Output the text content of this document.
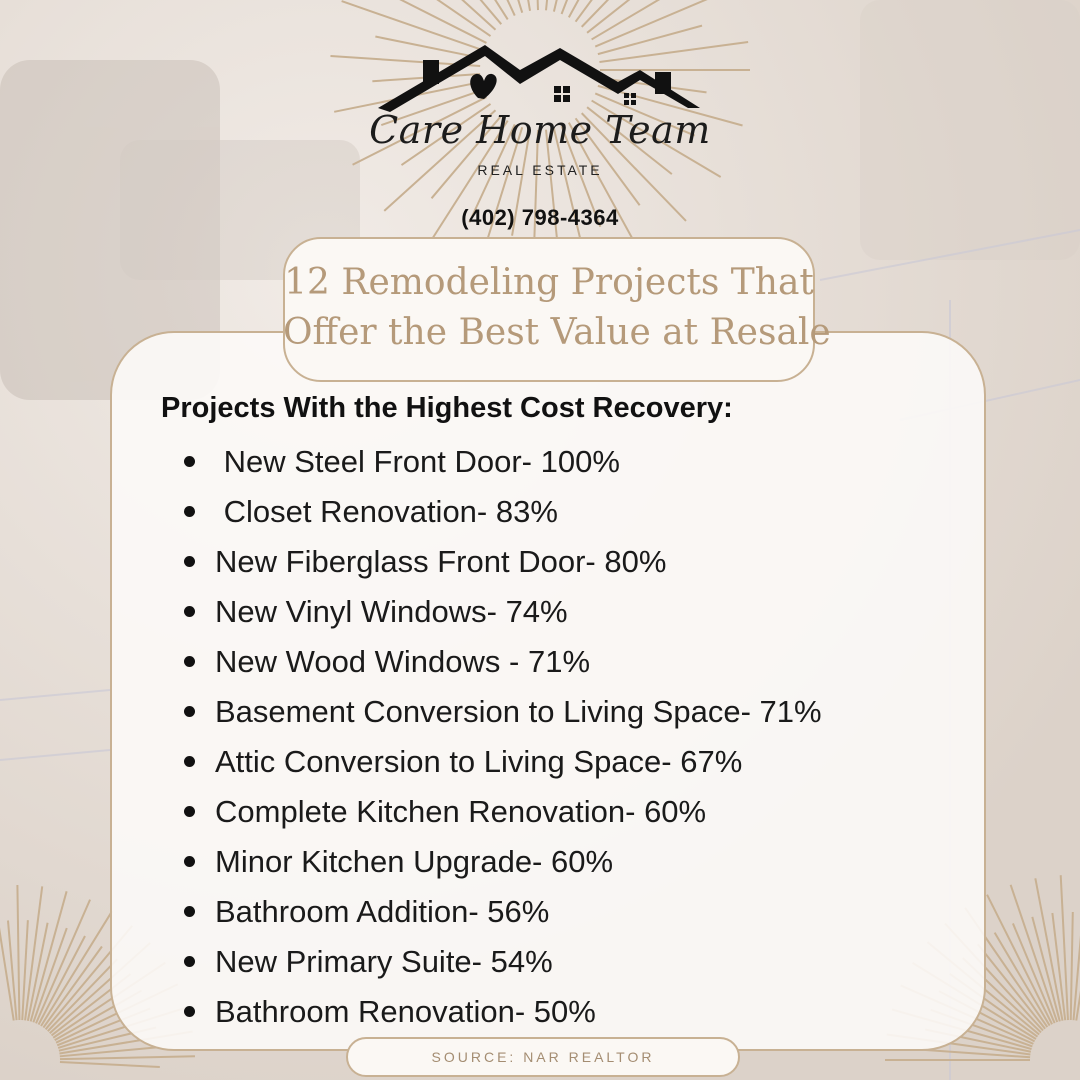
Care Home Team
REAL ESTATE
(402) 798-4364
12 Remodeling Projects That
Offer the Best Value at Resale
Projects With the Highest Cost Recovery:
New Steel Front Door- 100%
Closet Renovation- 83%
New Fiberglass Front Door- 80%
New Vinyl Windows- 74%
New Wood Windows - 71%
Basement Conversion to Living Space- 71%
Attic Conversion to Living Space- 67%
Complete Kitchen Renovation- 60%
Minor Kitchen Upgrade- 60%
Bathroom Addition- 56%
New Primary Suite- 54%
Bathroom Renovation- 50%
SOURCE: NAR REALTOR
